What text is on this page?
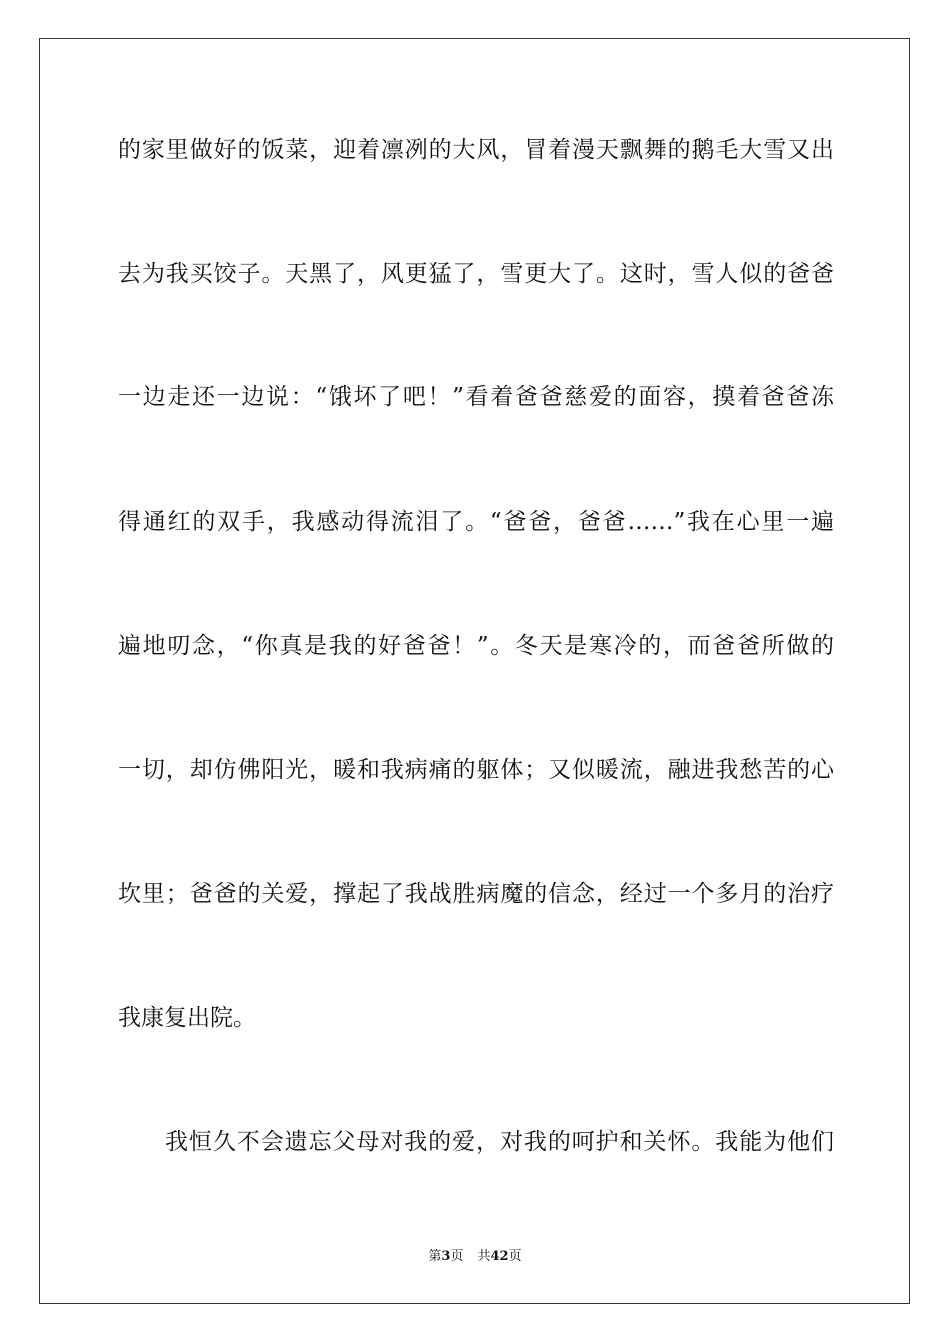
的家里做好的饭菜，迎着凛冽的大风，冒着漫天飘舞的鹅毛大雪又出
去为我买饺子。天黑了，风更猛了，雪更大了。这时，雪人似的爸爸
一边走还一边说：“饿坏了吧！”看着爸爸慈爱的面容，摸着爸爸冻
得通红的双手，我感动得流泪了。“爸爸，爸爸……”我在心里一遍
遍地叨念，“你真是我的好爸爸！”。冬天是寒冷的，而爸爸所做的
一切，却仿佛阳光，暖和我病痛的躯体；又似暖流，融进我愁苦的心
坎里；爸爸的关爱，撑起了我战胜病魔的信念，经过一个多月的治疗
我康复出院。
我恒久不会遗忘父母对我的爱，对我的呵护和关怀。我能为他们
第3页 共42页
